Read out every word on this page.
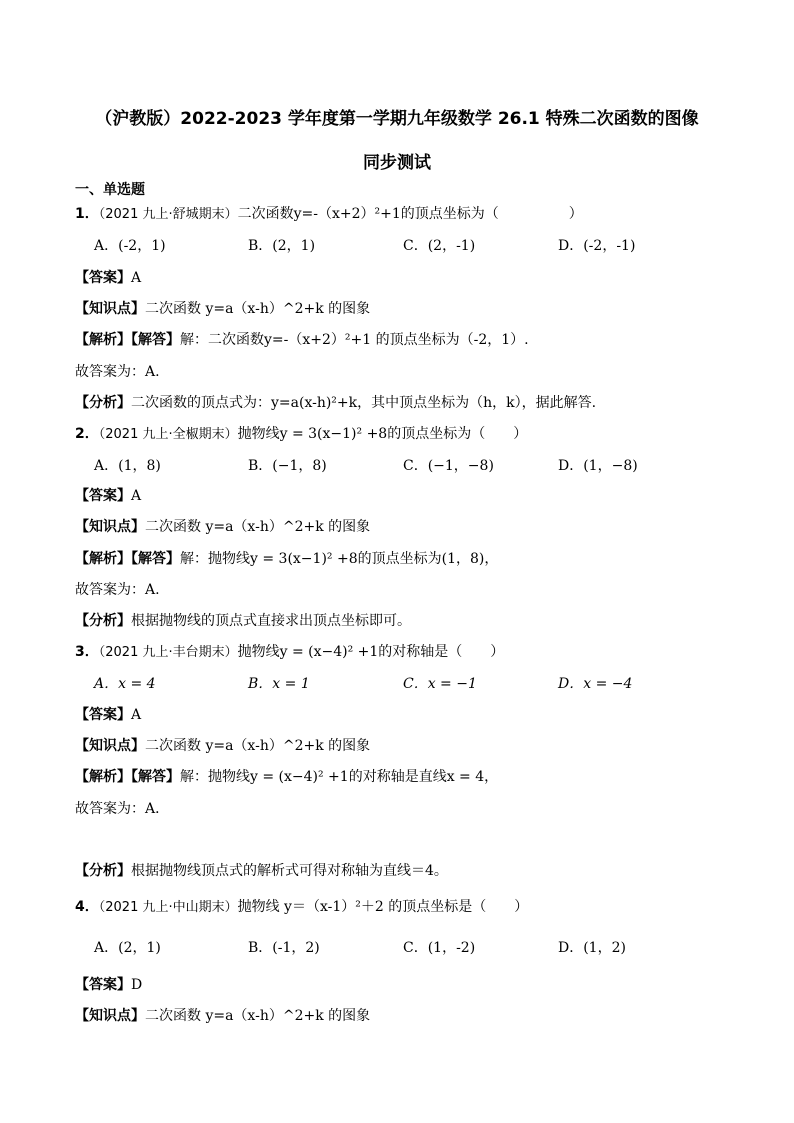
（沪教版）2022-2023 学年度第一学期九年级数学 26.1 特殊二次函数的图像
同步测试
一、单选题
1．（2021 九上·舒城期末）二次函数y=-（x+2）²+1的顶点坐标为（　　　　　）
A．(-2，1)	B．(2，1)	C．(2，-1)	D．(-2，-1)
【答案】A
【知识点】二次函数 y=a（x-h）^2+k 的图象
【解析】【解答】解：二次函数y=-（x+2）²+1 的顶点坐标为（-2，1）.
故答案为：A.
【分析】二次函数的顶点式为：y=a(x-h)²+k，其中顶点坐标为（h，k），据此解答.
2．（2021 九上·全椒期末）抛物线y = 3(x−1)² +8的顶点坐标为（　　）
A．(1，8)	B．(−1，8)	C．(−1，−8)	D．(1，−8)
【答案】A
【知识点】二次函数 y=a（x-h）^2+k 的图象
【解析】【解答】解：抛物线y = 3(x−1)² +8的顶点坐标为(1，8)，
故答案为：A.
【分析】根据抛物线的顶点式直接求出顶点坐标即可。
3．（2021 九上·丰台期末）抛物线y = (x−4)² +1的对称轴是（　　）
A．x = 4	B．x = 1	C．x = −1	D．x = −4
【答案】A
【知识点】二次函数 y=a（x-h）^2+k 的图象
【解析】【解答】解：抛物线y = (x−4)² +1的对称轴是直线x = 4，
故答案为：A．
【分析】根据抛物线顶点式的解析式可得对称轴为直线＝4。
4．（2021 九上·中山期末）抛物线 y＝（x-1）²＋2 的顶点坐标是（　　）
A．(2，1)	B．(-1，2)	C．(1，-2)	D．(1，2)
【答案】D
【知识点】二次函数 y=a（x-h）^2+k 的图象
